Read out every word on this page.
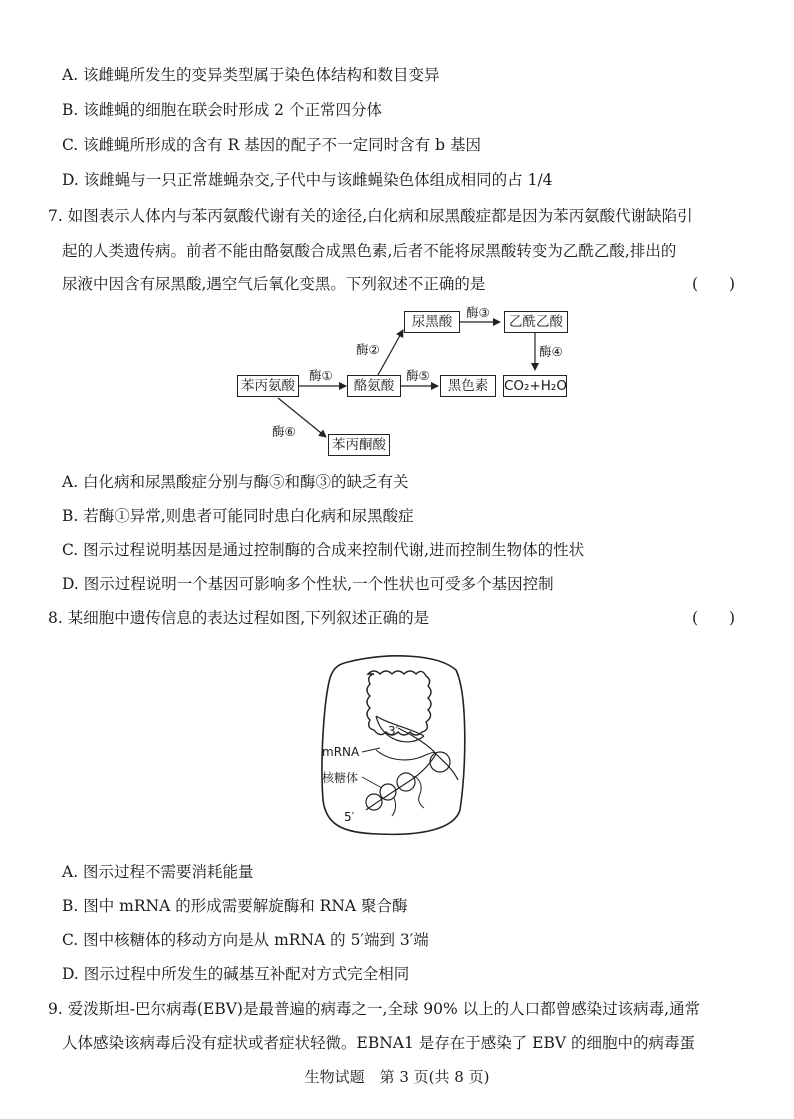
A. 该雌蝇所发生的变异类型属于染色体结构和数目变异
B. 该雌蝇的细胞在联会时形成 2 个正常四分体
C. 该雌蝇所形成的含有 R 基因的配子不一定同时含有 b 基因
D. 该雌蝇与一只正常雄蝇杂交,子代中与该雌蝇染色体组成相同的占 1/4
7. 如图表示人体内与苯丙氨酸代谢有关的途径,白化病和尿黑酸症都是因为苯丙氨酸代谢缺陷引
起的人类遗传病。前者不能由酪氨酸合成黑色素,后者不能将尿黑酸转变为乙酰乙酸,排出的
尿液中因含有尿黑酸,遇空气后氧化变黑。下列叙述不正确的是	(　　)
苯丙氨酸	酪氨酸
尿黑酸	乙酰乙酸
黑色素	CO₂+H₂O
苯丙酮酸
酶①
酶②
酶③
酶④
酶⑤
酶⑥
A. 白化病和尿黑酸症分别与酶⑤和酶③的缺乏有关
B. 若酶①异常,则患者可能同时患白化病和尿黑酸症
C. 图示过程说明基因是通过控制酶的合成来控制代谢,进而控制生物体的性状
D. 图示过程说明一个基因可影响多个性状,一个性状也可受多个基因控制
8. 某细胞中遗传信息的表达过程如图,下列叙述正确的是	(　　)
3′
mRNA
核糖体
5′
A. 图示过程不需要消耗能量
B. 图中 mRNA 的形成需要解旋酶和 RNA 聚合酶
C. 图中核糖体的移动方向是从 mRNA 的 5′端到 3′端
D. 图示过程中所发生的碱基互补配对方式完全相同
9. 爱泼斯坦-巴尔病毒(EBV)是最普遍的病毒之一,全球 90% 以上的人口都曾感染过该病毒,通常
人体感染该病毒后没有症状或者症状轻微。EBNA1 是存在于感染了 EBV 的细胞中的病毒蛋
生物试题　第 3 页(共 8 页)
